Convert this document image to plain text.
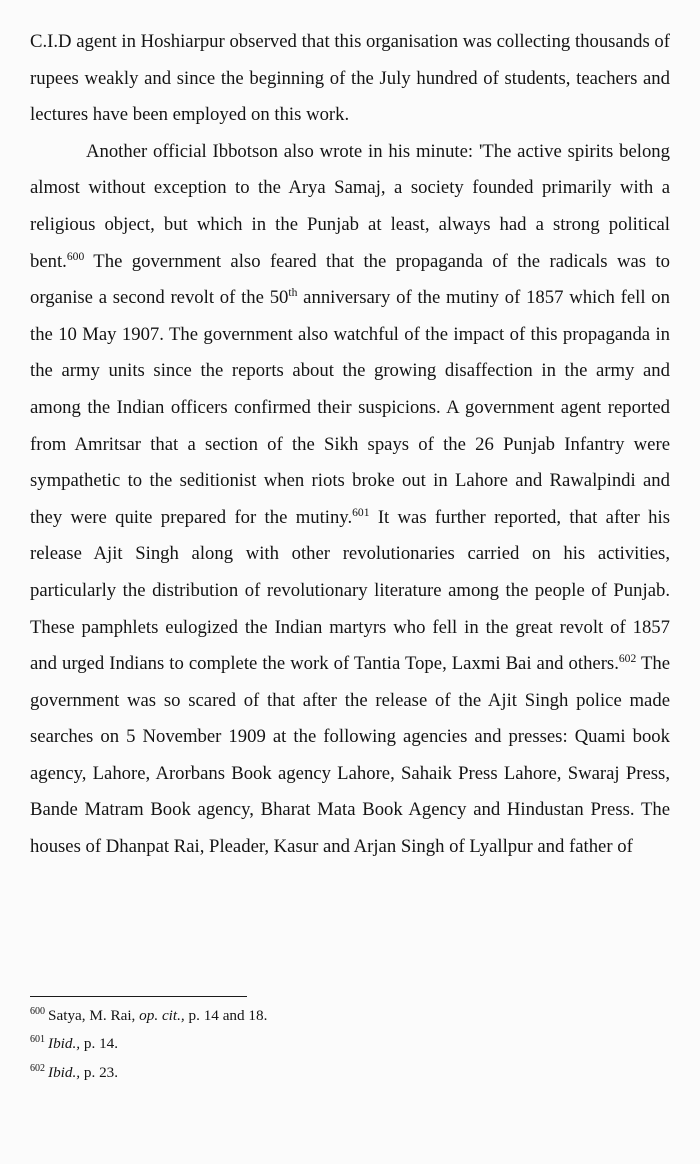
C.I.D agent in Hoshiarpur observed that this organisation was collecting thousands of rupees weakly and since the beginning of the July hundred of students, teachers and lectures have been employed on this work.

Another official Ibbotson also wrote in his minute: 'The active spirits belong almost without exception to the Arya Samaj, a society founded primarily with a religious object, but which in the Punjab at least, always had a strong political bent.$^{600}$ The government also feared that the propaganda of the radicals was to organise a second revolt of the 50th anniversary of the mutiny of 1857 which fell on the 10 May 1907. The government also watchful of the impact of this propaganda in the army units since the reports about the growing disaffection in the army and among the Indian officers confirmed their suspicions. A government agent reported from Amritsar that a section of the Sikh spays of the 26 Punjab Infantry were sympathetic to the seditionist when riots broke out in Lahore and Rawalpindi and they were quite prepared for the mutiny.$^{601}$ It was further reported, that after his release Ajit Singh along with other revolutionaries carried on his activities, particularly the distribution of revolutionary literature among the people of Punjab. These pamphlets eulogized the Indian martyrs who fell in the great revolt of 1857 and urged Indians to complete the work of Tantia Tope, Laxmi Bai and others.$^{602}$ The government was so scared of that after the release of the Ajit Singh police made searches on 5 November 1909 at the following agencies and presses: Quami book agency, Lahore, Arorbans Book agency Lahore, Sahaik Press Lahore, Swaraj Press, Bande Matram Book agency, Bharat Mata Book Agency and Hindustan Press. The houses of Dhanpat Rai, Pleader, Kasur and Arjan Singh of Lyallpur and father of

$^{600}$ Satya, M. Rai, op. cit., p. 14 and 18.
$^{601}$ Ibid., p. 14.
$^{602}$ Ibid., p. 23.
